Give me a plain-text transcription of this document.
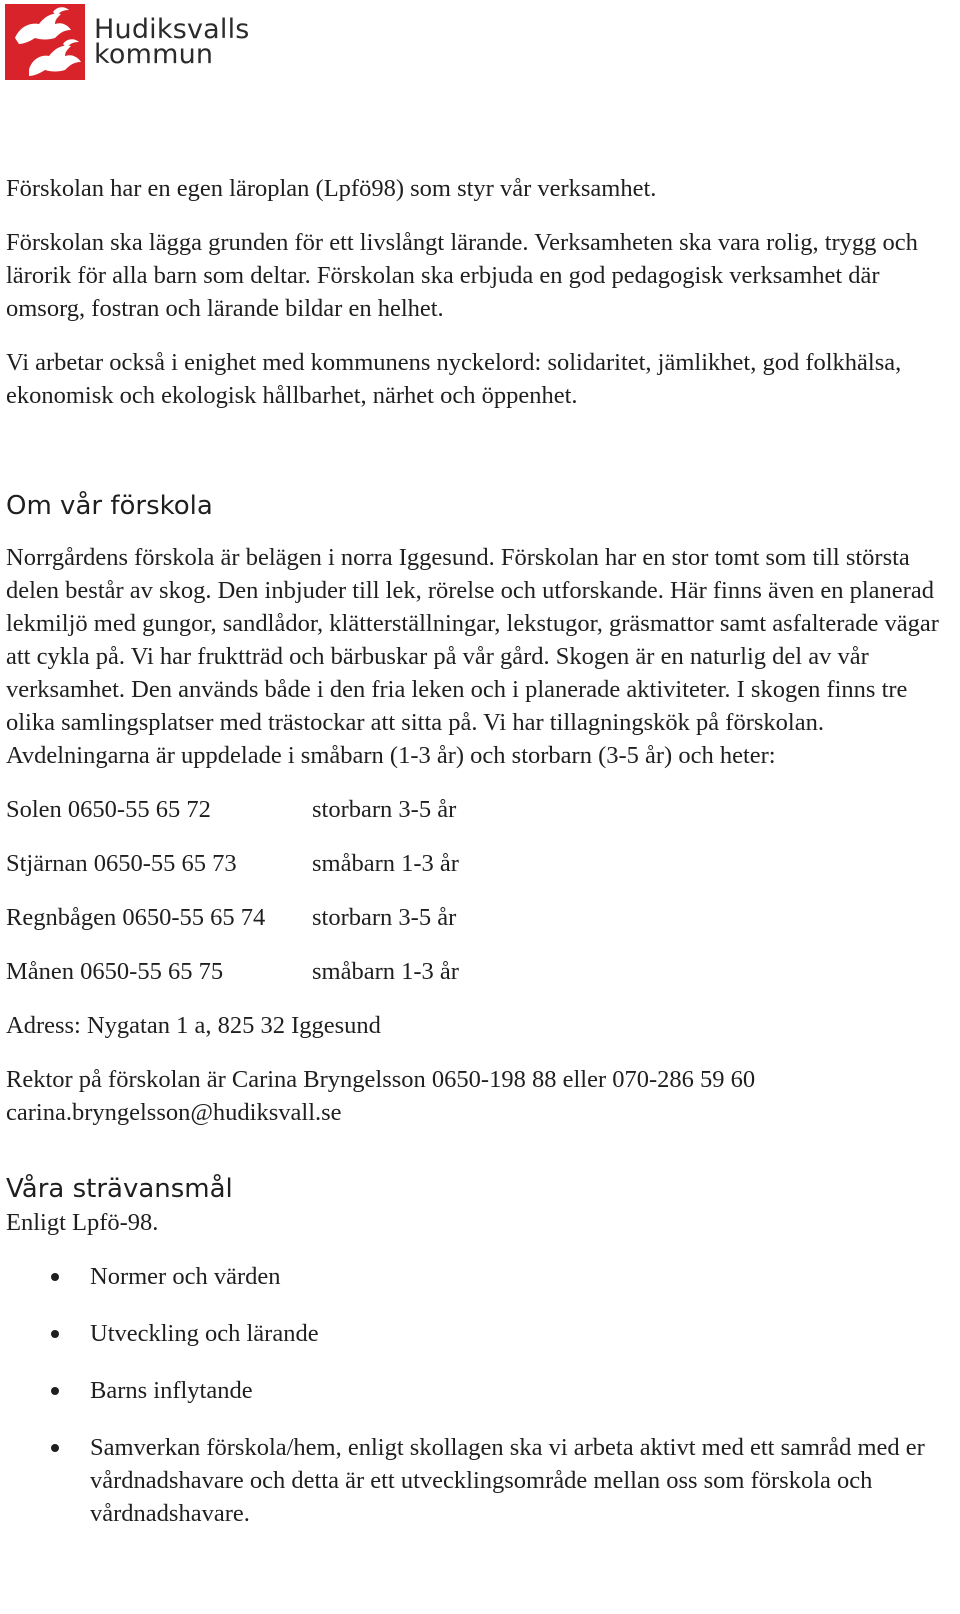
Hudiksvalls
kommun

Förskolan har en egen läroplan (Lpfö98) som styr vår verksamhet.

Förskolan ska lägga grunden för ett livslångt lärande. Verksamheten ska vara rolig, trygg och lärorik för alla barn som deltar. Förskolan ska erbjuda en god pedagogisk verksamhet där omsorg, fostran och lärande bildar en helhet.

Vi arbetar också i enighet med kommunens nyckelord: solidaritet, jämlikhet, god folkhälsa, ekonomisk och ekologisk hållbarhet, närhet och öppenhet.

Om vår förskola

Norrgårdens förskola är belägen i norra Iggesund. Förskolan har en stor tomt som till största delen består av skog. Den inbjuder till lek, rörelse och utforskande. Här finns även en planerad lekmiljö med gungor, sandlådor, klätterställningar, lekstugor, gräsmattor samt asfalterade vägar att cykla på. Vi har fruktträd och bärbuskar på vår gård. Skogen är en naturlig del av vår verksamhet. Den används både i den fria leken och i planerade aktiviteter. I skogen finns tre olika samlingsplatser med trästockar att sitta på. Vi har tillagningskök på förskolan. Avdelningarna är uppdelade i småbarn (1-3 år) och storbarn (3-5 år) och heter:

Solen 0650-55 65 72	storbarn 3-5 år
Stjärnan 0650-55 65 73	småbarn 1-3 år
Regnbågen 0650-55 65 74	storbarn 3-5 år
Månen 0650-55 65 75	småbarn 1-3 år

Adress: Nygatan 1 a, 825 32 Iggesund

Rektor på förskolan är Carina Bryngelsson 0650-198 88 eller 070-286 59 60 carina.bryngelsson@hudiksvall.se

Våra strävansmål

Enligt Lpfö-98.

Normer och värden
Utveckling och lärande
Barns inflytande
Samverkan förskola/hem, enligt skollagen ska vi arbeta aktivt med ett samråd med er vårdnadshavare och detta är ett utvecklingsområde mellan oss som förskola och vårdnadshavare.
